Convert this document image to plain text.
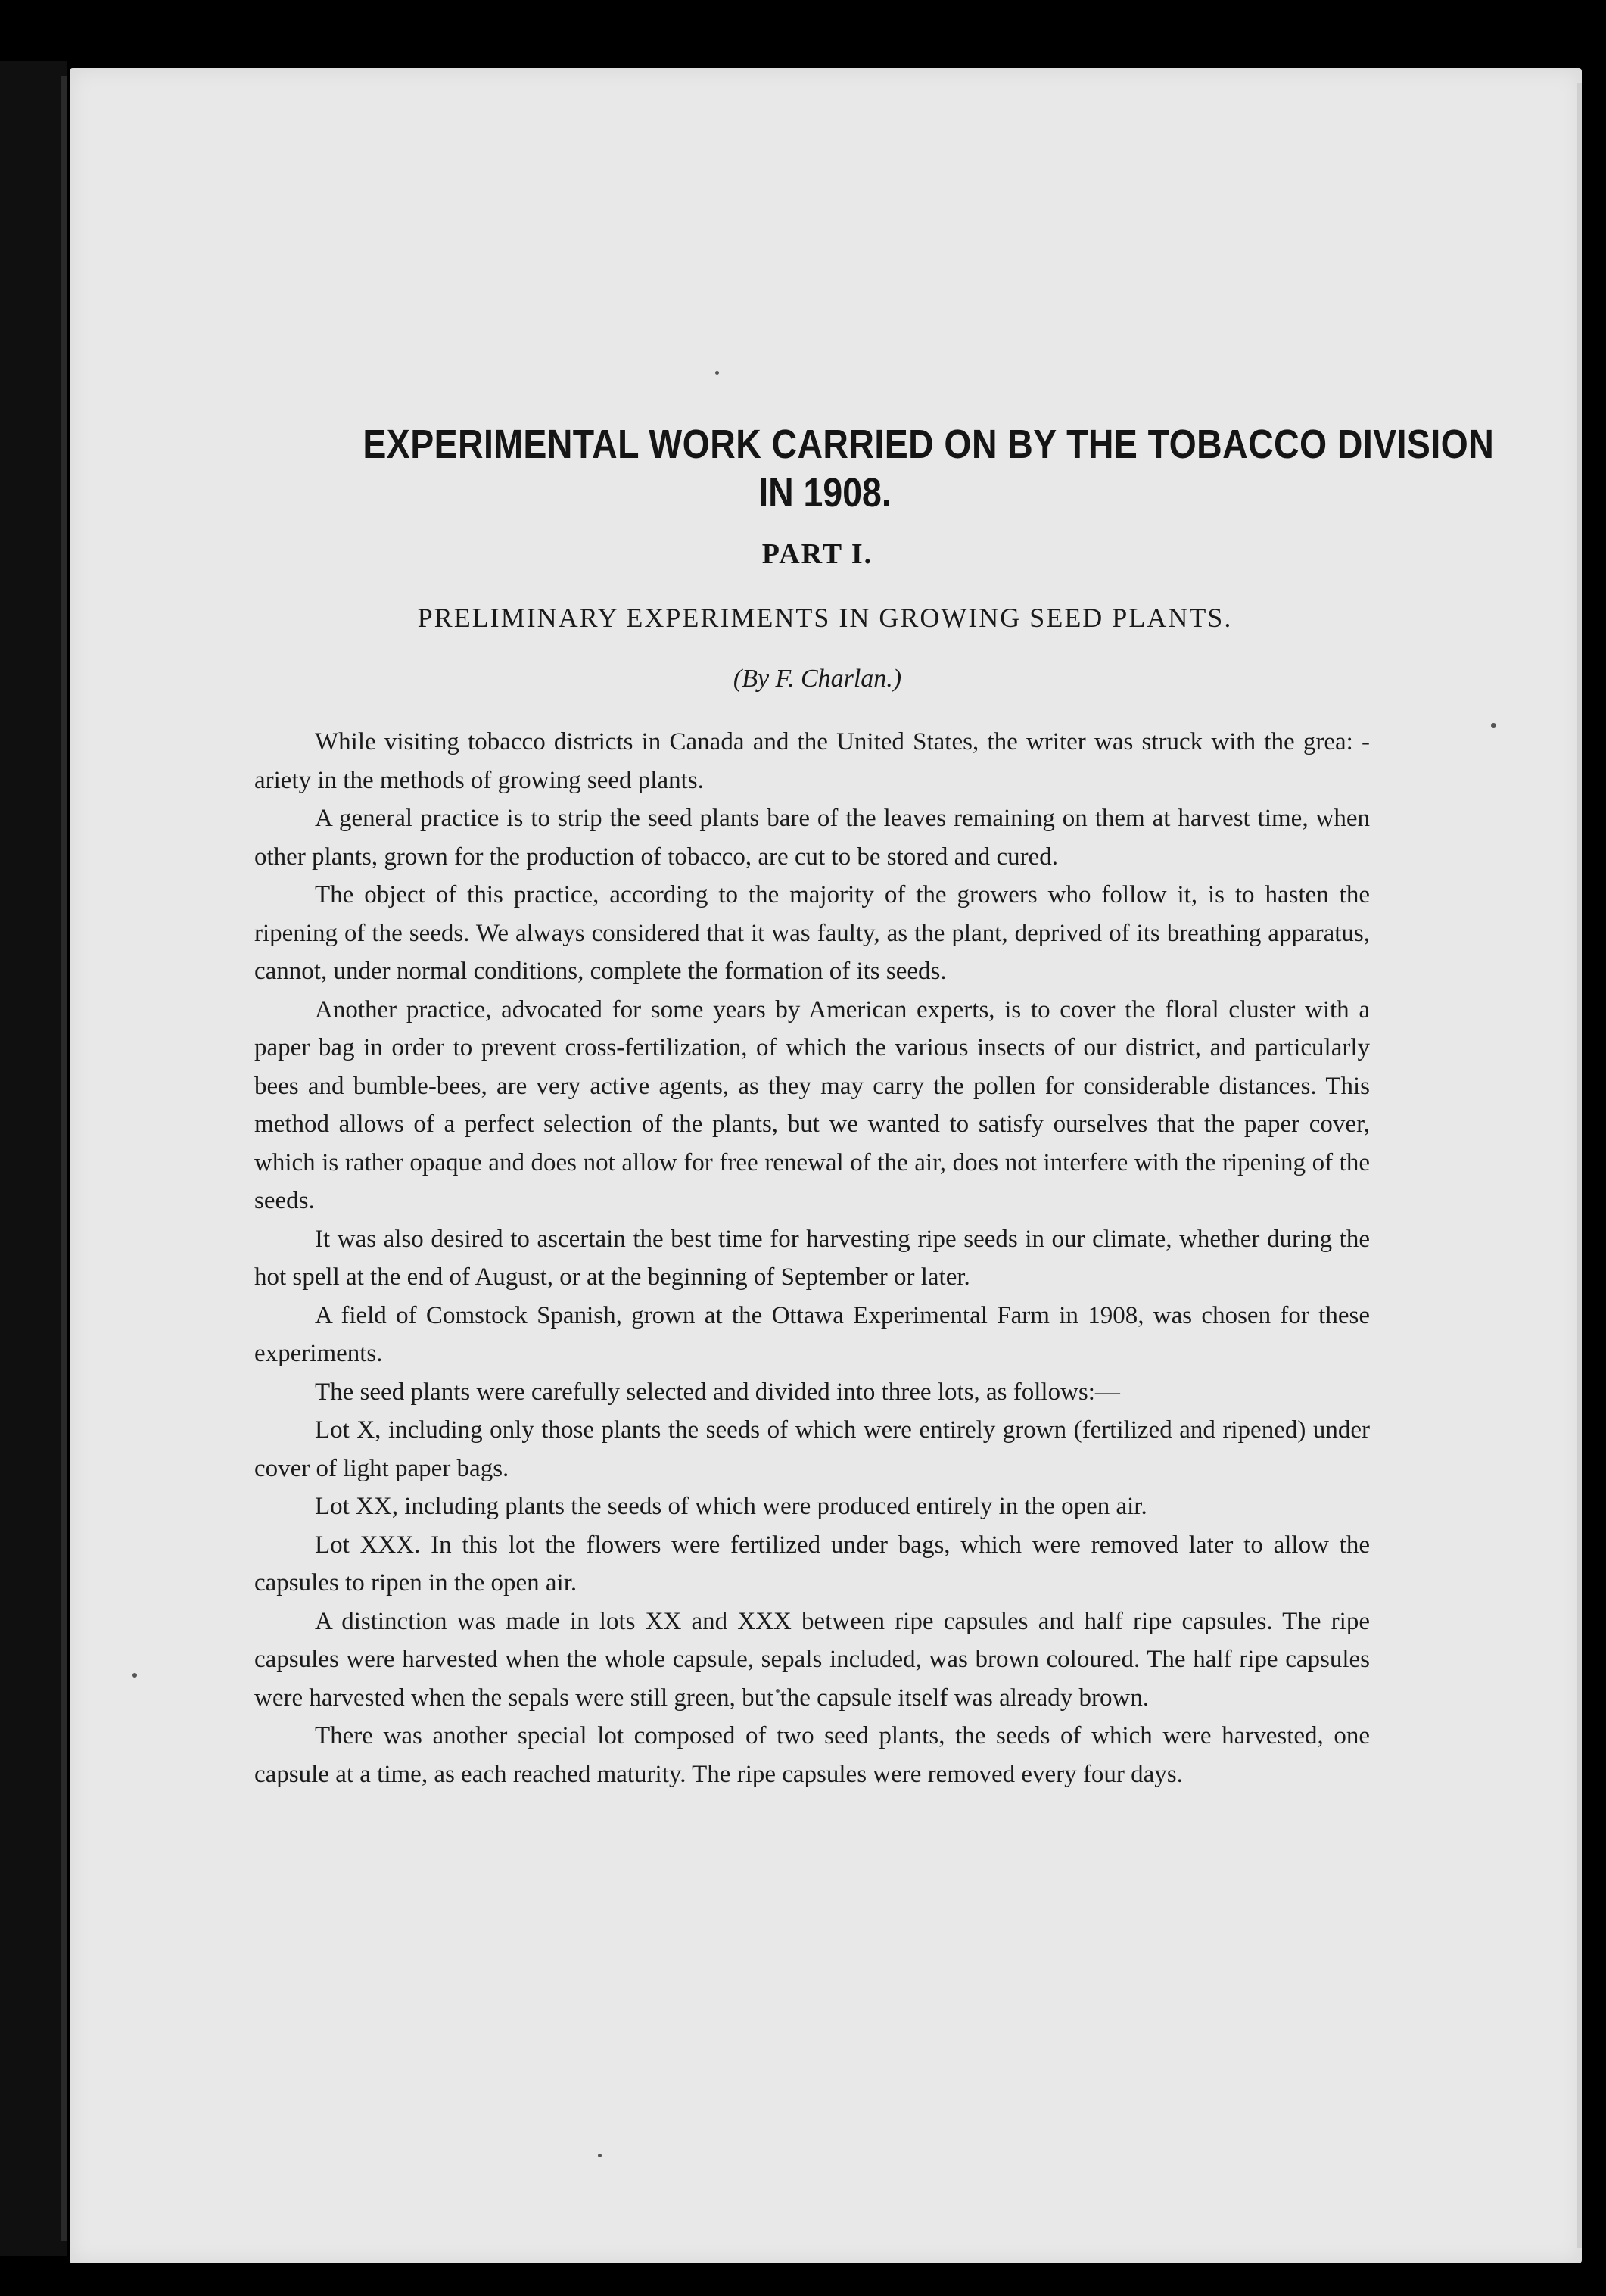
EXPERIMENTAL WORK CARRIED ON BY THE TOBACCO DIVISION
IN 1908.
PART I.
PRELIMINARY EXPERIMENTS IN GROWING SEED PLANTS.
(By F. Charlan.)

While visiting tobacco districts in Canada and the United States, the writer was struck with the grea: -ariety in the methods of growing seed plants.

A general practice is to strip the seed plants bare of the leaves remaining on them at harvest time, when other plants, grown for the production of tobacco, are cut to be stored and cured.

The object of this practice, according to the majority of the growers who follow it, is to hasten the ripening of the seeds. We always considered that it was faulty, as the plant, deprived of its breathing apparatus, cannot, under normal conditions, complete the formation of its seeds.

Another practice, advocated for some years by American experts, is to cover the floral cluster with a paper bag in order to prevent cross-fertilization, of which the various insects of our district, and particularly bees and bumble-bees, are very active agents, as they may carry the pollen for considerable distances. This method allows of a perfect selection of the plants, but we wanted to satisfy ourselves that the paper cover, which is rather opaque and does not allow for free renewal of the air, does not interfere with the ripening of the seeds.

It was also desired to ascertain the best time for harvesting ripe seeds in our climate, whether during the hot spell at the end of August, or at the beginning of September or later.

A field of Comstock Spanish, grown at the Ottawa Experimental Farm in 1908, was chosen for these experiments.

The seed plants were carefully selected and divided into three lots, as follows:—

Lot X, including only those plants the seeds of which were entirely grown (fertilized and ripened) under cover of light paper bags.

Lot XX, including plants the seeds of which were produced entirely in the open air.

Lot XXX. In this lot the flowers were fertilized under bags, which were removed later to allow the capsules to ripen in the open air.

A distinction was made in lots XX and XXX between ripe capsules and half ripe capsules. The ripe capsules were harvested when the whole capsule, sepals included, was brown coloured. The half ripe capsules were harvested when the sepals were still green, but the capsule itself was already brown.

There was another special lot composed of two seed plants, the seeds of which were harvested, one capsule at a time, as each reached maturity. The ripe capsules were removed every four days.
